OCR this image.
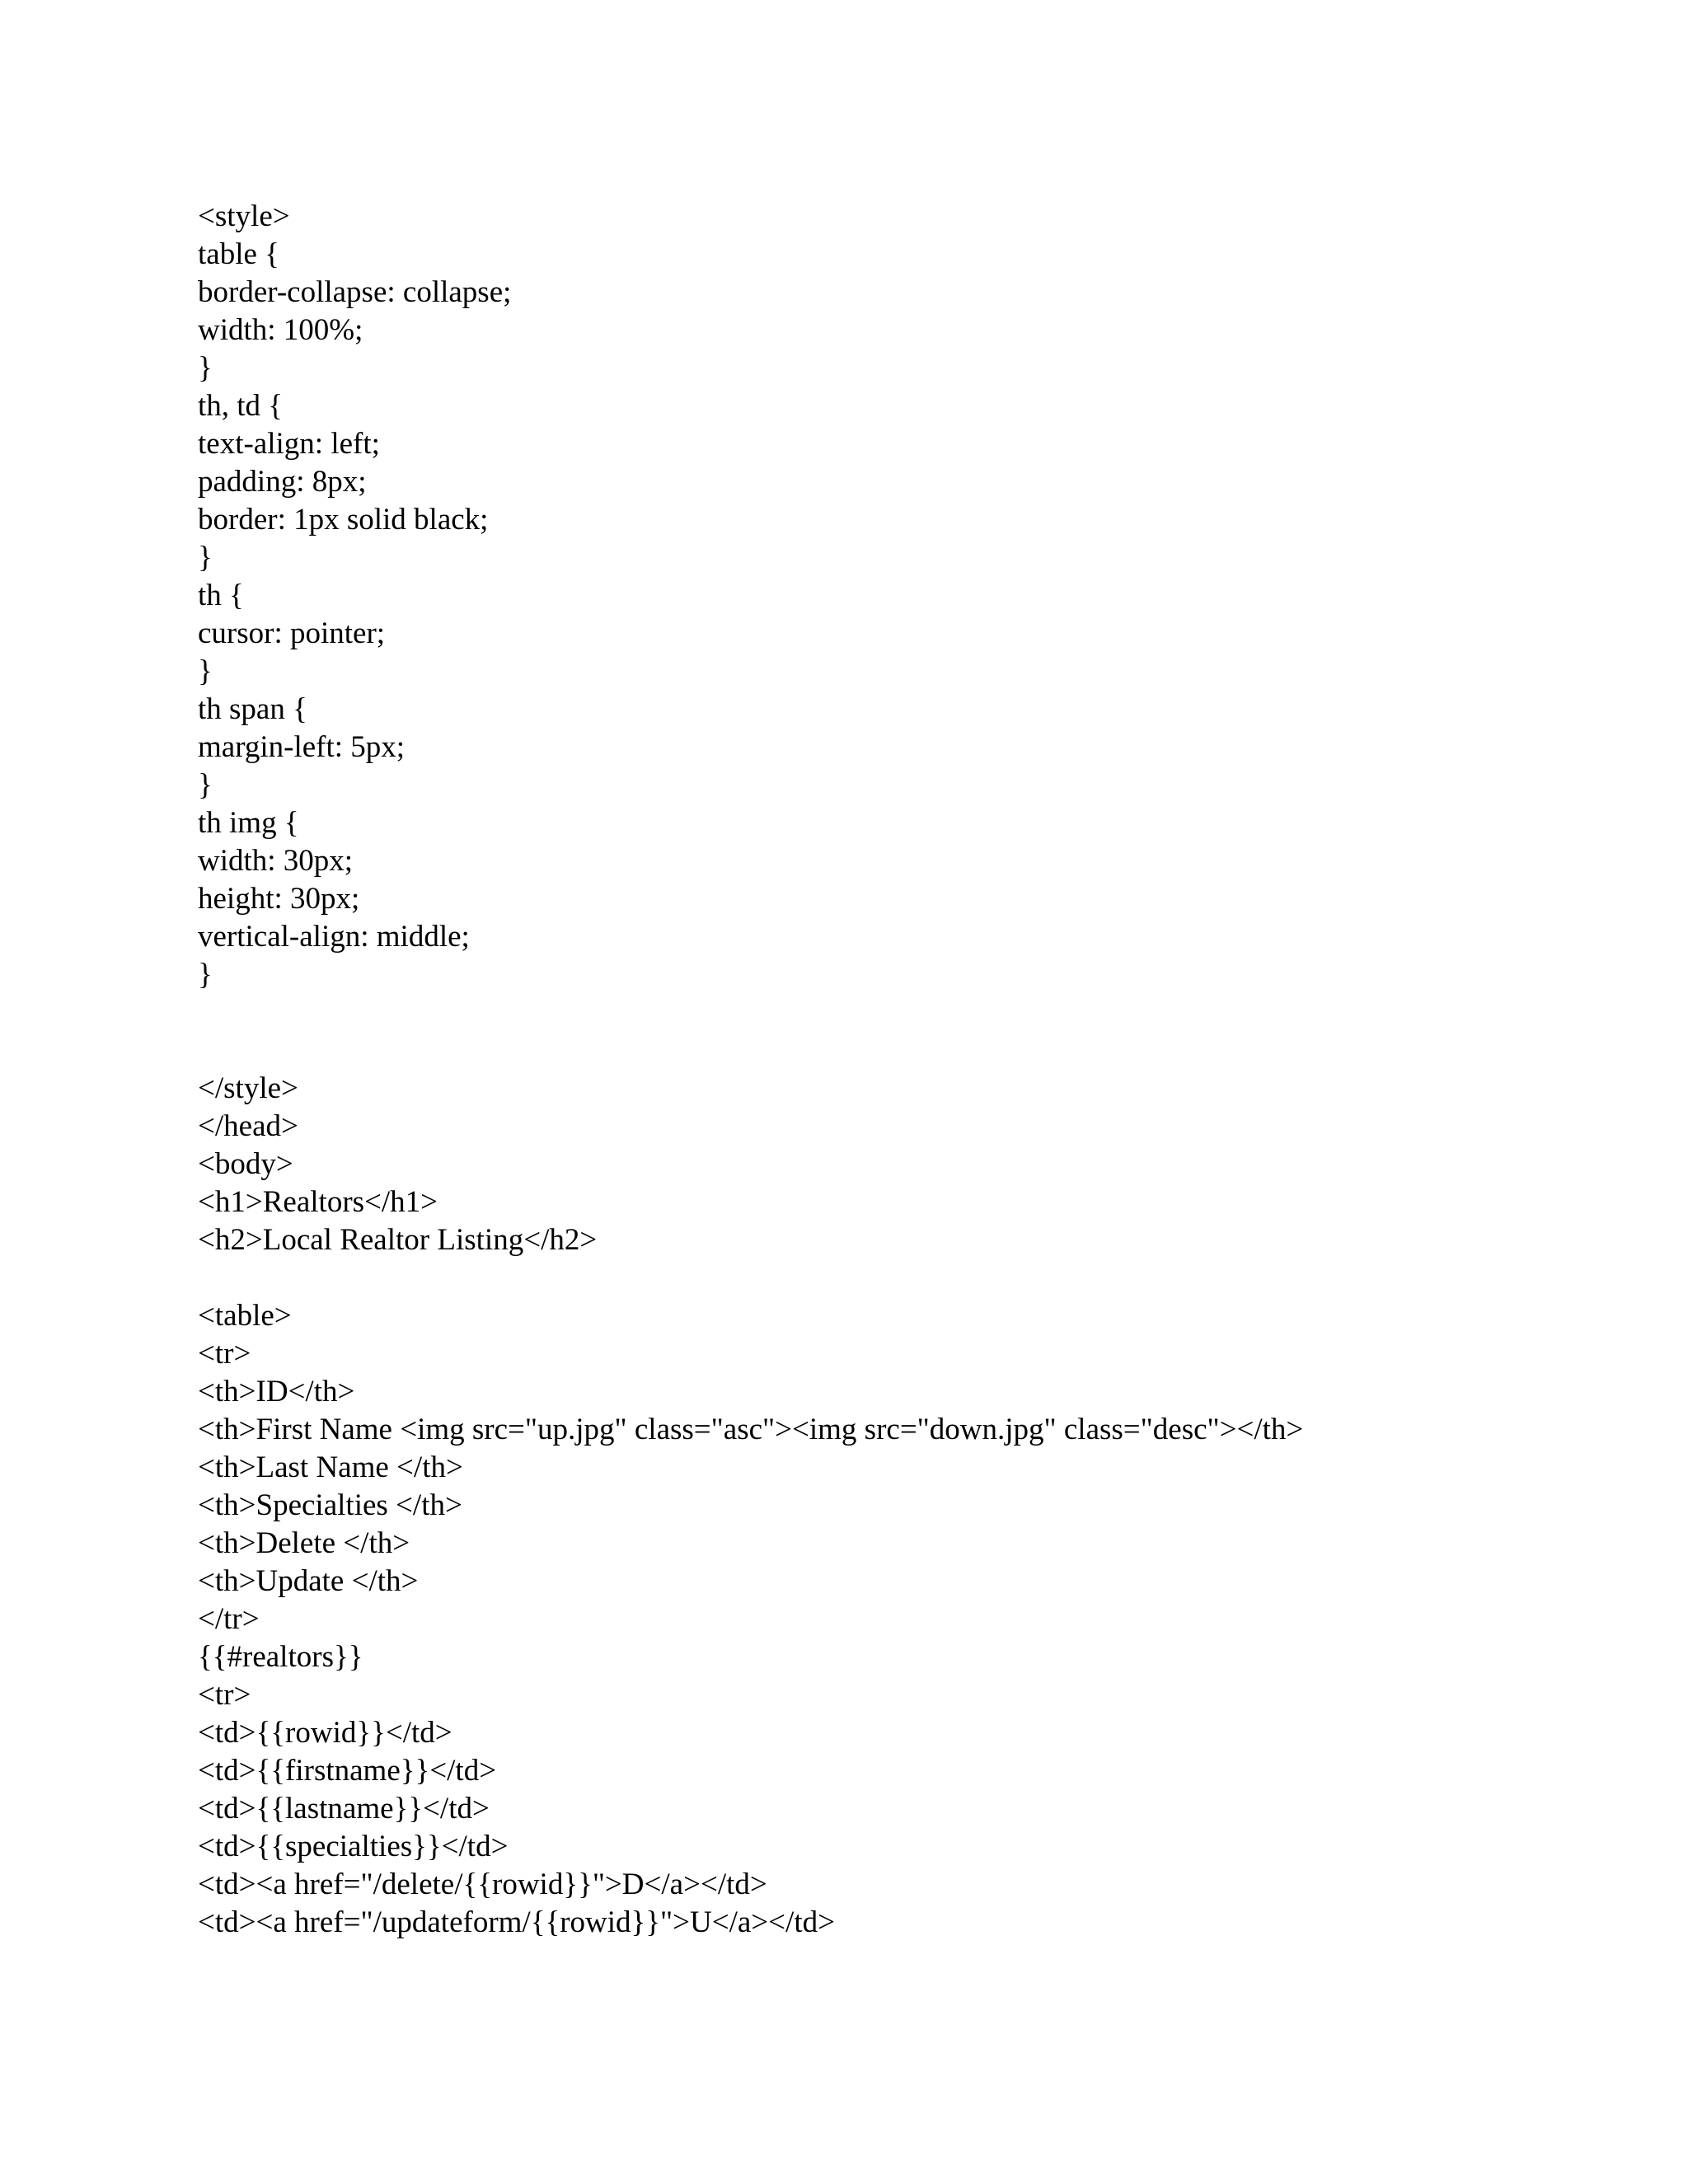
<style>
table {
border-collapse: collapse;
width: 100%;
}
th, td {
text-align: left;
padding: 8px;
border: 1px solid black;
}
th {
cursor: pointer;
}
th span {
margin-left: 5px;
}
th img {
width: 30px;
height: 30px;
vertical-align: middle;
}
</style>
</head>
<body>
<h1>Realtors</h1>
<h2>Local Realtor Listing</h2>
<table>
<tr>
<th>ID</th>
<th>First Name <img src="up.jpg" class="asc"><img src="down.jpg" class="desc"></th>
<th>Last Name </th>
<th>Specialties </th>
<th>Delete </th>
<th>Update </th>
</tr>
{{#realtors}}
<tr>
<td>{{rowid}}</td>
<td>{{firstname}}</td>
<td>{{lastname}}</td>
<td>{{specialties}}</td>
<td><a href="/delete/{{rowid}}">D</a></td>
<td><a href="/updateform/{{rowid}}">U</a></td>
